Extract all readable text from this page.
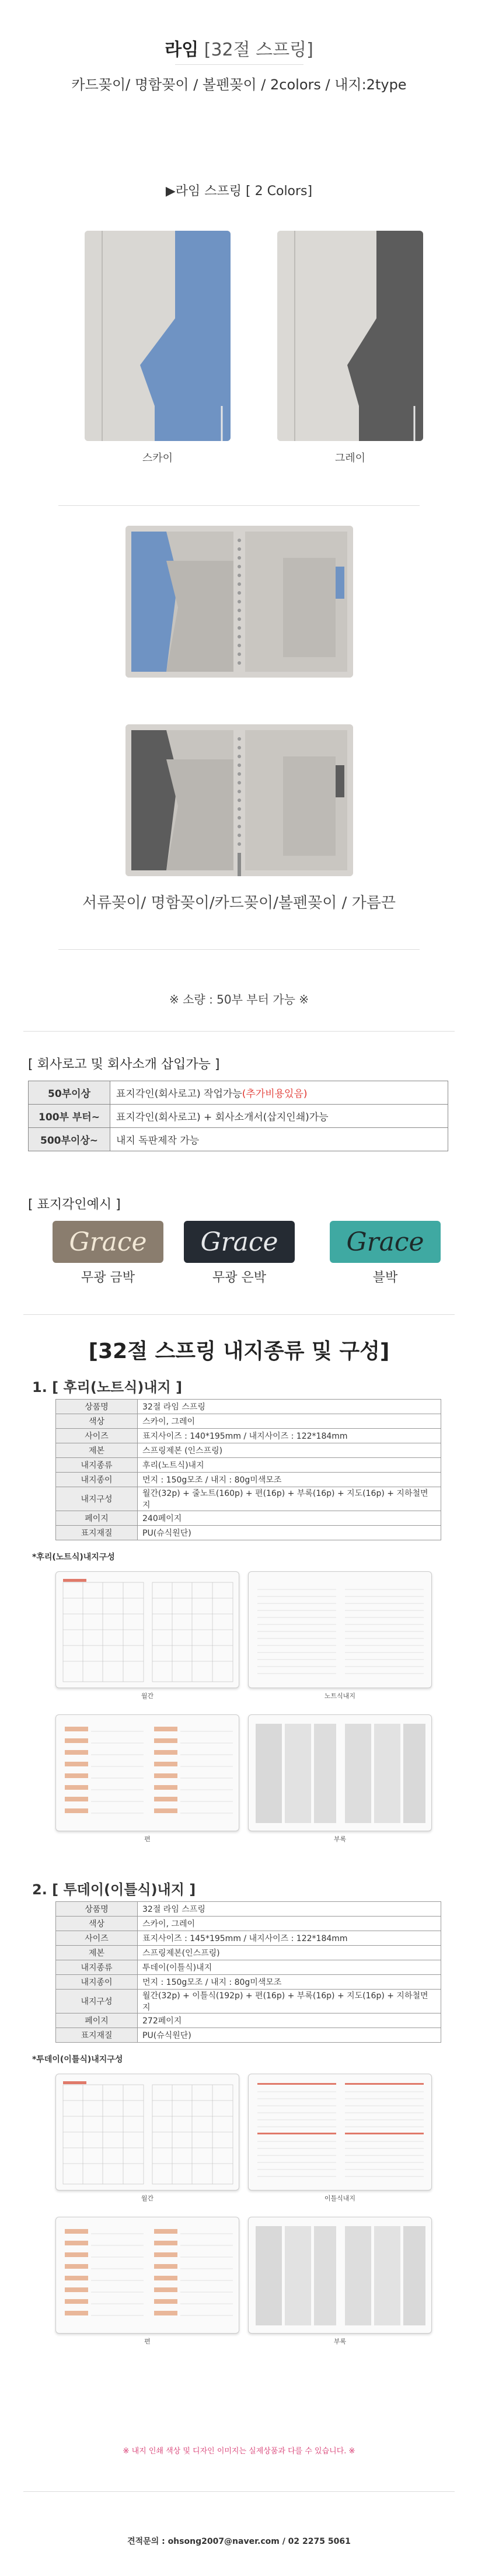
라임 [32절 스프링]
카드꽂이/ 명함꽂이 / 볼펜꽂이 / 2colors / 내지:2type
▶라임 스프링 [ 2 Colors]
스카이	그레이
서류꽂이/ 명함꽂이/카드꽂이/볼펜꽂이 / 가름끈
※ 소량 : 50부 부터 가능 ※
[ 회사로고 및 회사소개 삽입가능 ]
50부이상	표지각인(회사로고) 작업가능(추가비용있음)
100부 부터~	표지각인(회사로고) + 회사소개서(삽지인쇄)가능
500부이상~	내지 독판제작 가능
[ 표지각인예시 ]
Grace
무광 금박
Grace
무광 은박
Grace
블박
[32절 스프링 내지종류 및 구성]
1. [ 후리(노트식)내지 ]
상품명	32절 라임 스프링
색상	스카이, 그레이
사이즈	표지사이즈 : 140*195mm / 내지사이즈 : 122*184mm
제본	스프링제본 (인스프링)
내지종류	후리(노트식)내지
내지종이	먼지 : 150g모조 / 내지 : 80g미색모조
내지구성	월간(32p) + 줄노트(160p) + 편(16p) + 부록(16p) + 지도(16p) + 지하철면지
페이지	240페이지
표지재질	PU(슈식원단)
*후리(노트식)내지구성
월간	노트식내지
편	부록
2. [ 투데이(이틀식)내지 ]
상품명	32절 라임 스프링
색상	스카이, 그레이
사이즈	표지사이즈 : 145*195mm / 내지사이즈 : 122*184mm
제본	스프링제본(인스프링)
내지종류	투데이(이틀식)내지
내지종이	먼지 : 150g모조 / 내지 : 80g미색모조
내지구성	월간(32p) + 이틀식(192p) + 편(16p) + 부록(16p) + 지도(16p) + 지하철면지
페이지	272페이지
표지재질	PU(슈식원단)
*투데이(이틀식)내지구성
월간	이틀식내지
편	부록
※ 내지 인쇄 색상 및 디자인 이미지는 실제상품과 다를 수 있습니다. ※
견적문의 : ohsong2007@naver.com / 02 2275 5061
